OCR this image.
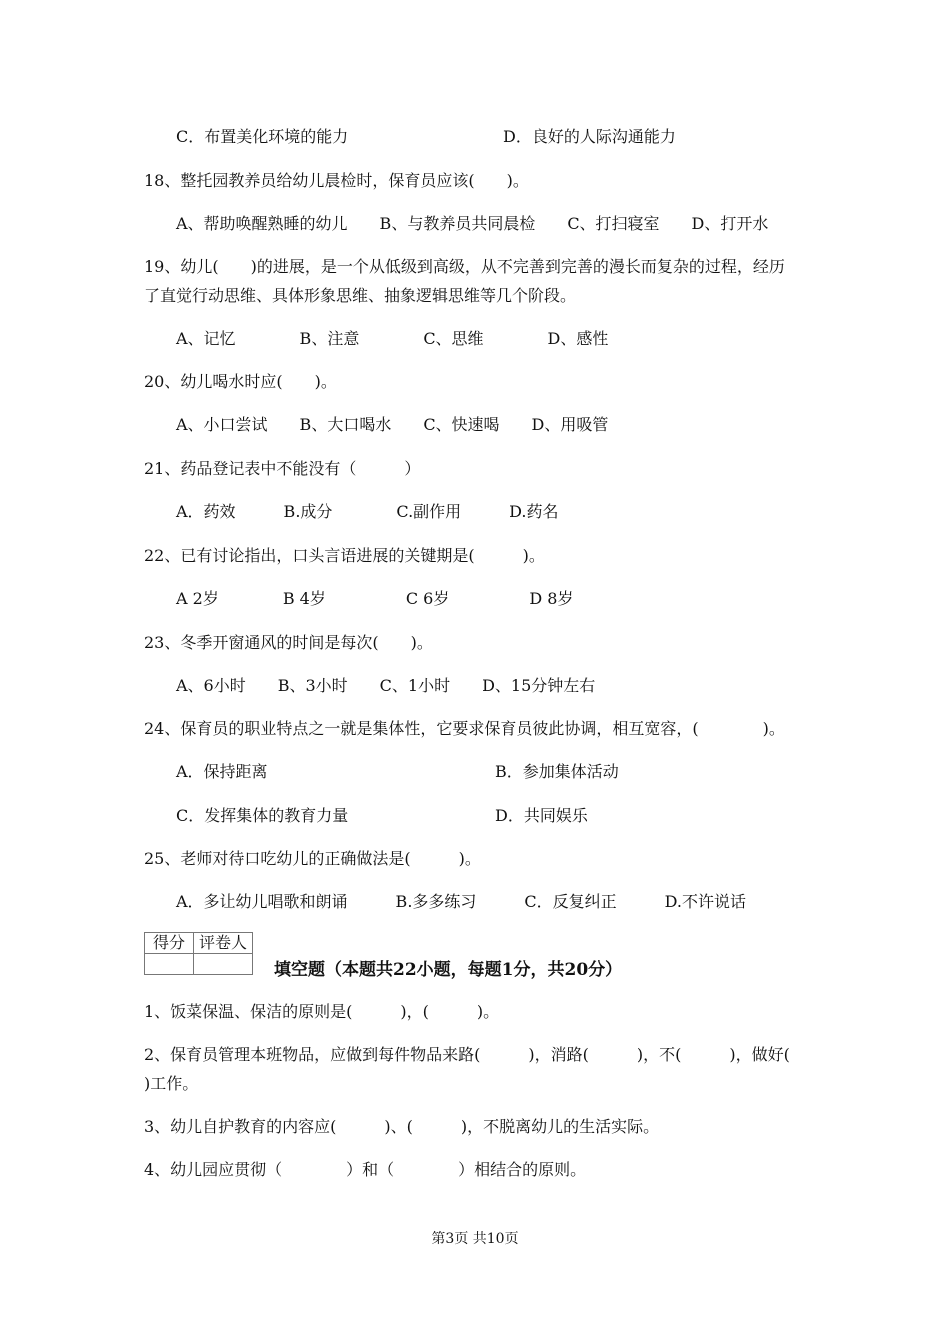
C．布置美化环境的能力	D．良好的人际沟通能力
18、整托园教养员给幼儿晨检时，保育员应该(　　)。
A、帮助唤醒熟睡的幼儿　　B、与教养员共同晨检　　C、打扫寝室　　D、打开水
19、幼儿(　　)的进展，是一个从低级到高级，从不完善到完善的漫长而复杂的过程，经历
了直觉行动思维、具体形象思维、抽象逻辑思维等几个阶段。
A、记忆　　　　B、注意　　　　C、思维　　　　D、感性
20、幼儿喝水时应(　　)。
A、小口尝试　　B、大口喝水　　C、快速喝　　D、用吸管
21、药品登记表中不能没有（　　　）
A．药效　　　B.成分　　　　C.副作用　　　D.药名
22、已有讨论指出，口头言语进展的关键期是(　　　)。
A 2岁　　　　B 4岁　　　　　C 6岁　　　　　D 8岁
23、冬季开窗通风的时间是每次(　　)。
A、6小时　　B、3小时　　C、1小时　　D、15分钟左右
24、保育员的职业特点之一就是集体性，它要求保育员彼此协调，相互宽容，(　　　　)。
A．保持距离	B．参加集体活动
C．发挥集体的教育力量	D．共同娱乐
25、老师对待口吃幼儿的正确做法是(　　　)。
A．多让幼儿唱歌和朗诵　　　B.多多练习　　　C．反复纠正　　　D.不许说话
得分	评卷人

填空题（本题共22小题，每题1分，共20分）
1、饭菜保温、保洁的原则是(　　　)，(　　　)。
2、保育员管理本班物品，应做到每件物品来路(　　　)，消路(　　　)，不(　　　)，做好(
)工作。
3、幼儿自护教育的内容应(　　　)、(　　　)，不脱离幼儿的生活实际。
4、幼儿园应贯彻（　　　　）和（　　　　）相结合的原则。
第3页 共10页
